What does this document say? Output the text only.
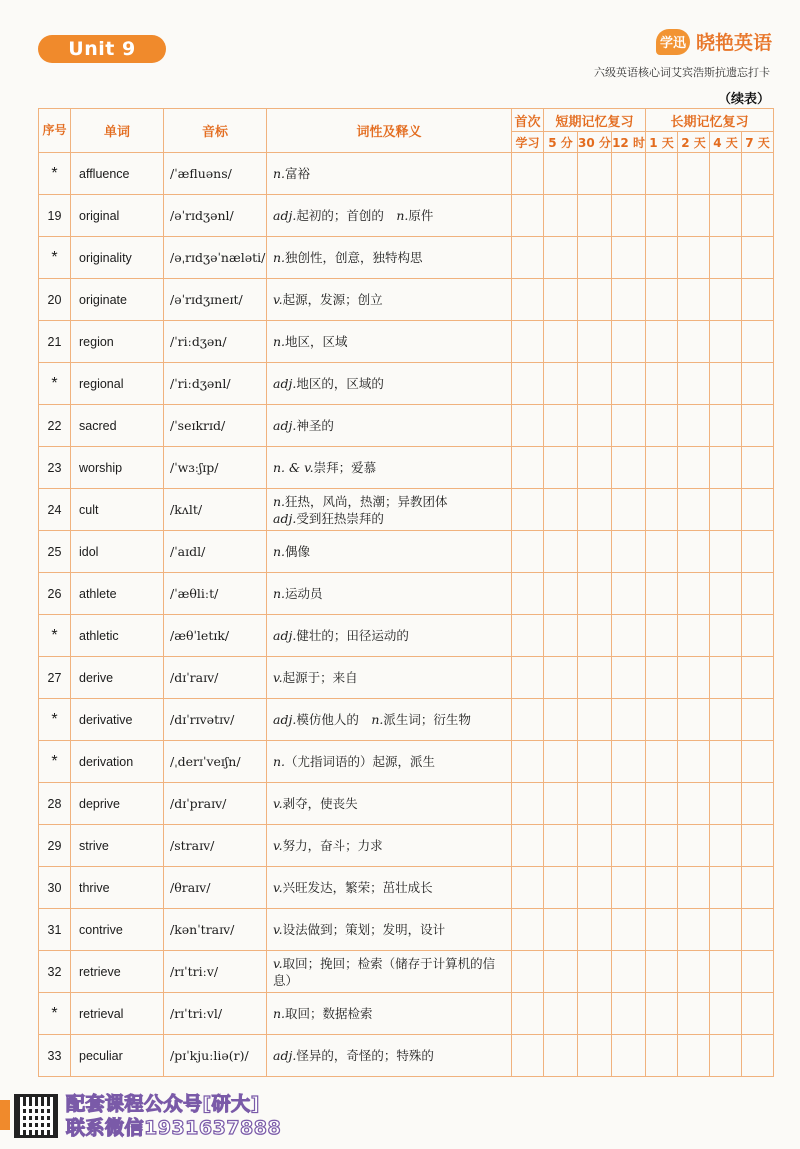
Unit 9	学迅 晓艳英语
六级英语核心词艾宾浩斯抗遗忘打卡
（续表）
序号	单词	音标	词性及释义	首次	短期记忆复习			长期记忆复习			
				学习	5 分	30 分	12 时	1 天	2 天	4 天	7 天
*	affluence	/ˈæfluəns/	n.富裕								
19	original	/əˈrɪdʒənl/	adj.起初的；首创的　n.原件								
*	originality	/əˌrɪdʒəˈnæləti/	n.独创性，创意，独特构思								
20	originate	/əˈrɪdʒɪneɪt/	v.起源，发源；创立								
21	region	/ˈriːdʒən/	n.地区，区域								
*	regional	/ˈriːdʒənl/	adj.地区的，区域的								
22	sacred	/ˈseɪkrɪd/	adj.神圣的								
23	worship	/ˈwɜːʃɪp/	n. & v.崇拜；爱慕								
24	cult	/kʌlt/	n.狂热，风尚，热潮；异教团体
adj.受到狂热崇拜的								
25	idol	/ˈaɪdl/	n.偶像								
26	athlete	/ˈæθliːt/	n.运动员								
*	athletic	/æθˈletɪk/	adj.健壮的；田径运动的								
27	derive	/dɪˈraɪv/	v.起源于；来自								
*	derivative	/dɪˈrɪvətɪv/	adj.模仿他人的　n.派生词；衍生物								
*	derivation	/ˌderɪˈveɪʃn/	n.（尤指词语的）起源，派生								
28	deprive	/dɪˈpraɪv/	v.剥夺，使丧失								
29	strive	/straɪv/	v.努力，奋斗；力求								
30	thrive	/θraɪv/	v.兴旺发达，繁荣；茁壮成长								
31	contrive	/kənˈtraɪv/	v.设法做到；策划；发明，设计								
32	retrieve	/rɪˈtriːv/	v.取回；挽回；检索（储存于计算机的信息）								
*	retrieval	/rɪˈtriːvl/	n.取回；数据检索								
33	peculiar	/pɪˈkjuːliə(r)/	adj.怪异的，奇怪的；特殊的								
配套课程公众号[研大]
联系微信1931637888
